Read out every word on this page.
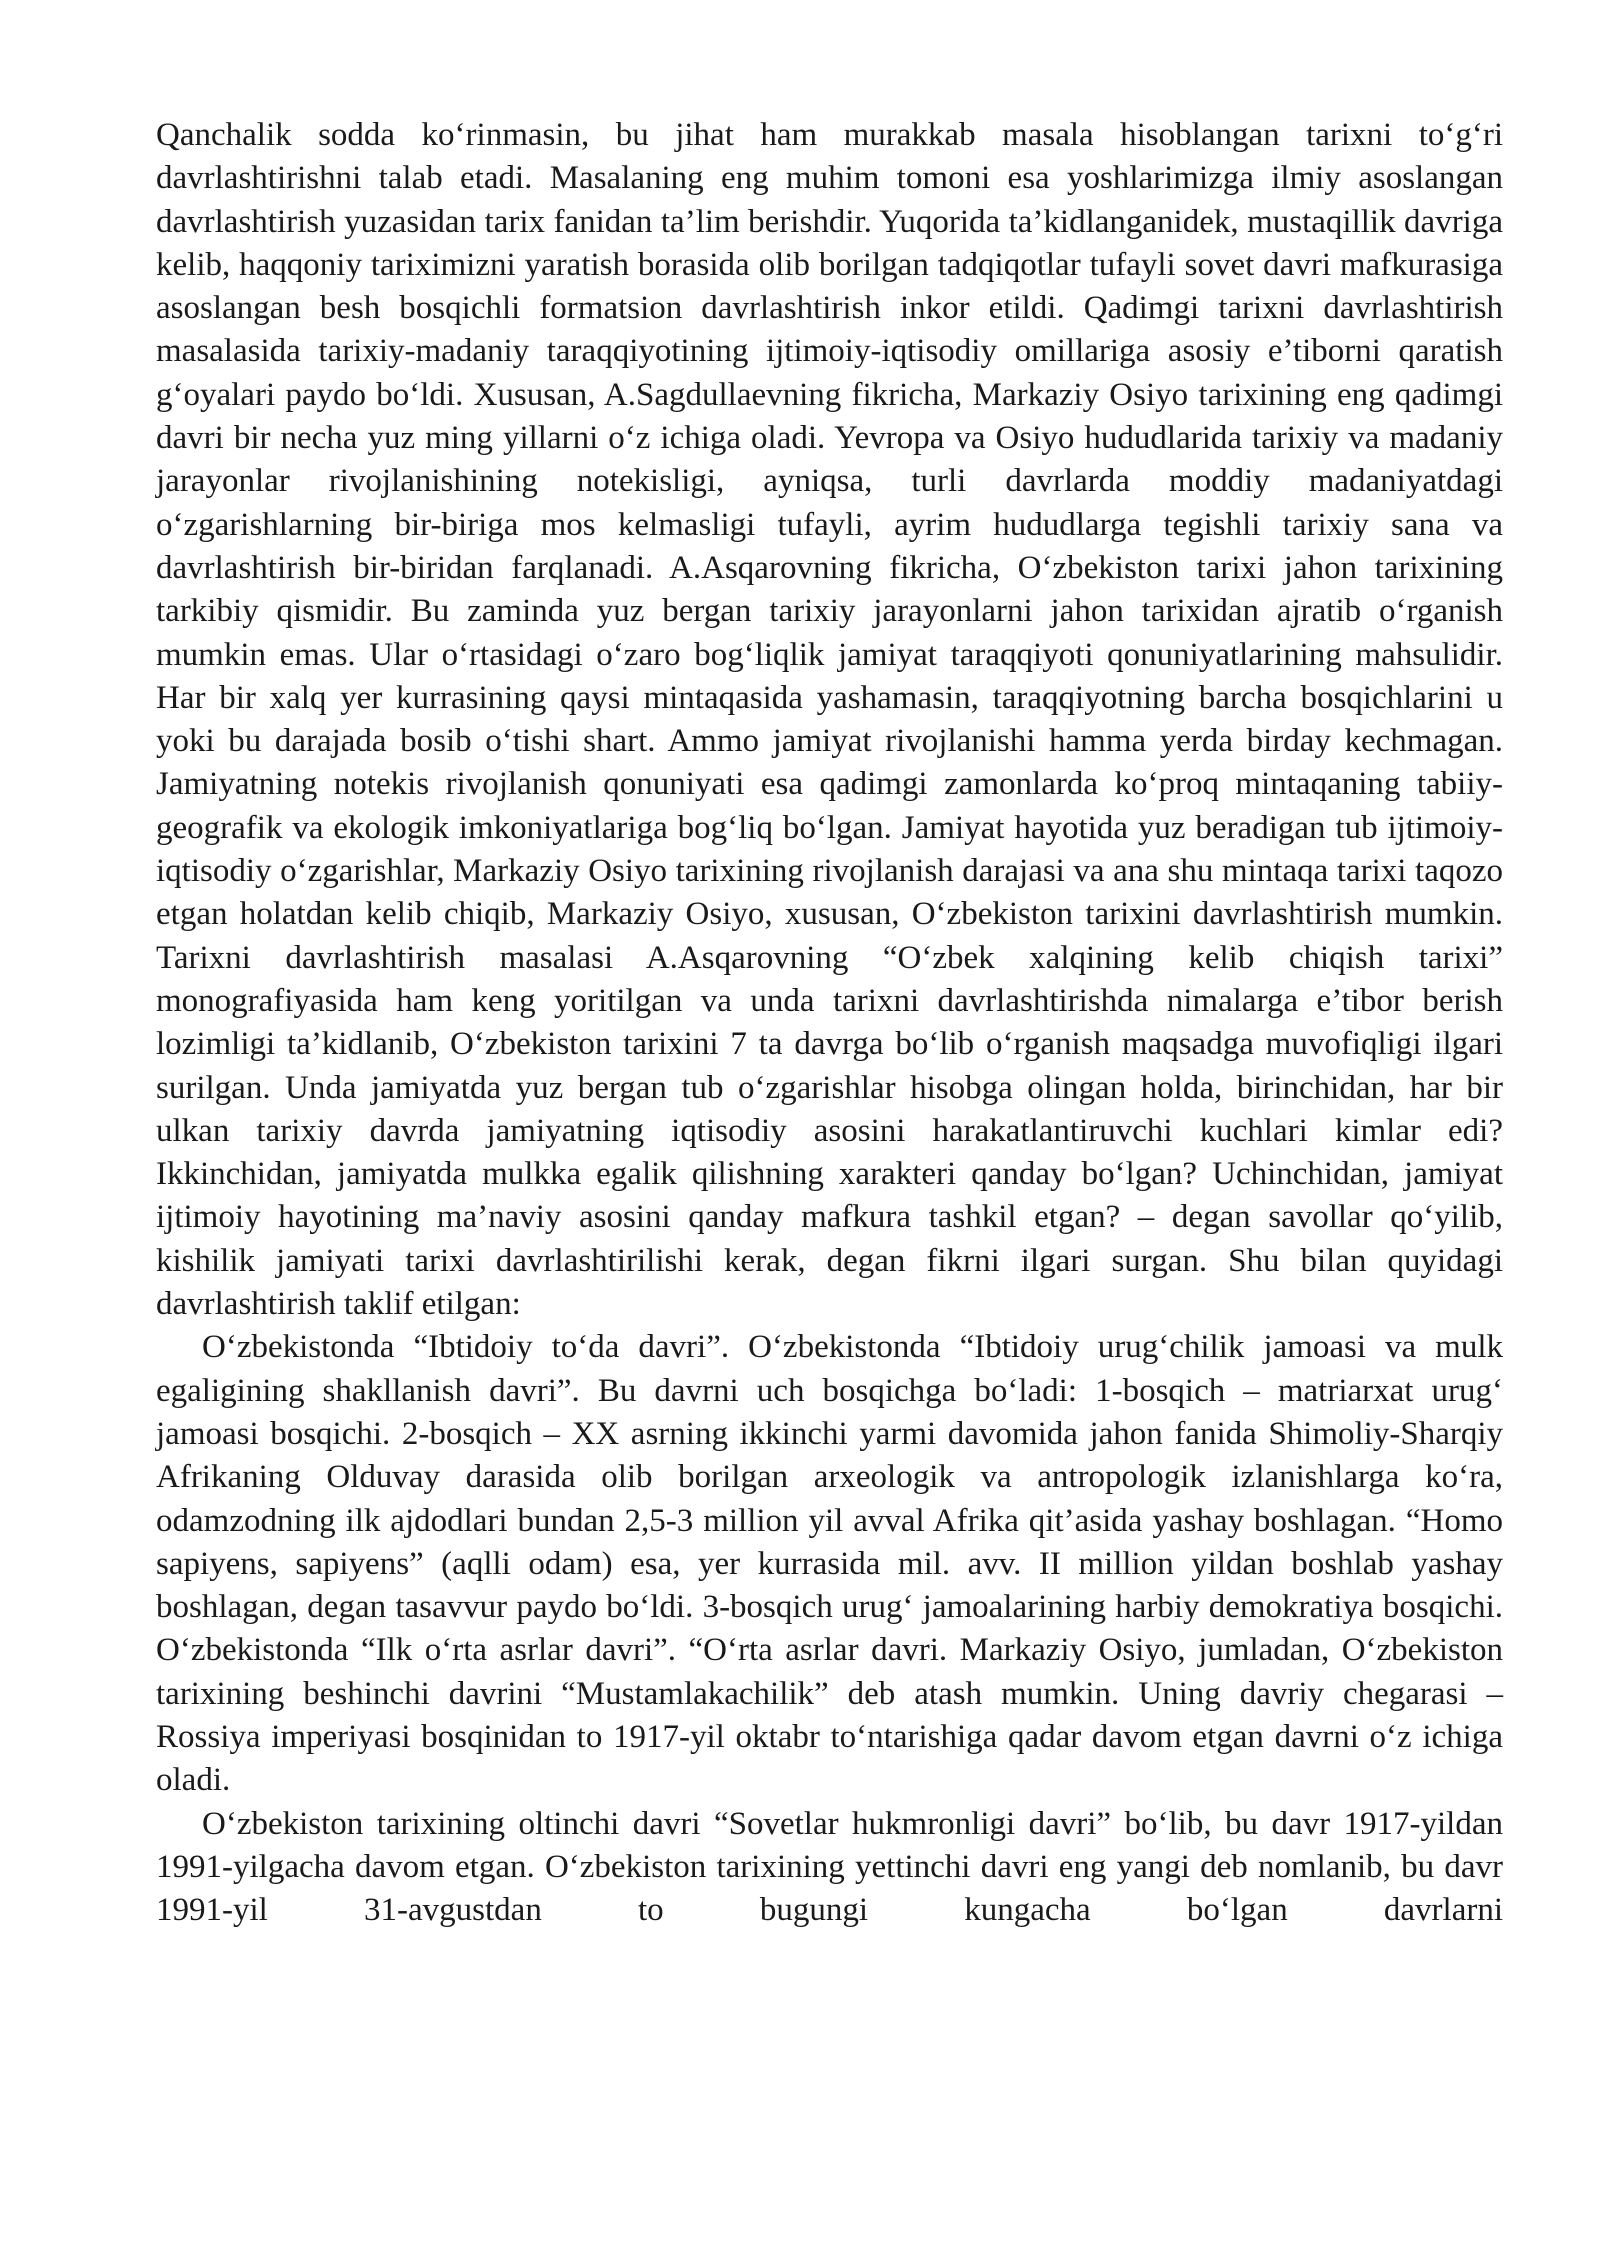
Qanchalik sodda ko‘rinmasin, bu jihat ham murakkab masala hisoblangan tarixni to‘g‘ri davrlashtirishni talab etadi. Masalaning eng muhim tomoni esa yoshlarimizga ilmiy asoslangan davrlashtirish yuzasidan tarix fanidan ta’lim berishdir. Yuqorida ta’kidlanganidek, mustaqillik davriga kelib, haqqoniy tariximizni yaratish borasida olib borilgan tadqiqotlar tufayli sovet davri mafkurasiga asoslangan besh bosqichli formatsion davrlashtirish inkor etildi. Qadimgi tarixni davrlashtirish masalasida tarixiy-madaniy taraqqiyotining ijtimoiy-iqtisodiy omillariga asosiy e’tiborni qaratish g‘oyalari paydo bo‘ldi. Xususan, A.Sagdullaevning fikricha, Markaziy Osiyo tarixining eng qadimgi davri bir necha yuz ming yillarni o‘z ichiga oladi. Yevropa va Osiyo hududlarida tarixiy va madaniy jarayonlar rivojlanishining notekisligi, ayniqsa, turli davrlarda moddiy madaniyatdagi o‘zgarishlarning bir-biriga mos kelmasligi tufayli, ayrim hududlarga tegishli tarixiy sana va davrlashtirish bir-biridan farqlanadi. A.Asqarovning fikricha, O‘zbekiston tarixi jahon tarixining tarkibiy qismidir. Bu zaminda yuz bergan tarixiy jarayonlarni jahon tarixidan ajratib o‘rganish mumkin emas. Ular o‘rtasidagi o‘zaro bog‘liqlik jamiyat taraqqiyoti qonuniyatlarining mahsulidir. Har bir xalq yer kurrasining qaysi mintaqasida yashamasin, taraqqiyotning barcha bosqichlarini u yoki bu darajada bosib o‘tishi shart. Ammo jamiyat rivojlanishi hamma yerda birday kechmagan. Jamiyatning notekis rivojlanish qonuniyati esa qadimgi zamonlarda ko‘proq mintaqaning tabiiy-geografik va ekologik imkoniyatlariga bog‘liq bo‘lgan. Jamiyat hayotida yuz beradigan tub ijtimoiy-iqtisodiy o‘zgarishlar, Markaziy Osiyo tarixining rivojlanish darajasi va ana shu mintaqa tarixi taqozo etgan holatdan kelib chiqib, Markaziy Osiyo, xususan, O‘zbekiston tarixini davrlashtirish mumkin. Tarixni davrlashtirish masalasi A.Asqarovning “O‘zbek xalqining kelib chiqish tarixi” monografiyasida ham keng yoritilgan va unda tarixni davrlashtirishda nimalarga e’tibor berish lozimligi ta’kidlanib, O‘zbekiston tarixini 7 ta davrga bo‘lib o‘rganish maqsadga muvofiqligi ilgari surilgan. Unda jamiyatda yuz bergan tub o‘zgarishlar hisobga olingan holda, birinchidan, har bir ulkan tarixiy davrda jamiyatning iqtisodiy asosini harakatlantiruvchi kuchlari kimlar edi? Ikkinchidan, jamiyatda mulkka egalik qilishning xarakteri qanday bo‘lgan? Uchinchidan, jamiyat ijtimoiy hayotining ma’naviy asosini qanday mafkura tashkil etgan? – degan savollar qo‘yilib, kishilik jamiyati tarixi davrlashtirilishi kerak, degan fikrni ilgari surgan. Shu bilan quyidagi davrlashtirish taklif etilgan:

O‘zbekistonda “Ibtidoiy to‘da davri”. O‘zbekistonda “Ibtidoiy urug‘chilik jamoasi va mulk egaligining shakllanish davri”. Bu davrni uch bosqichga bo‘ladi: 1-bosqich – matriarxat urug‘ jamoasi bosqichi. 2-bosqich – XX asrning ikkinchi yarmi davomida jahon fanida Shimoliy-Sharqiy Afrikaning Olduvay darasida olib borilgan arxeologik va antropologik izlanishlarga ko‘ra, odamzodning ilk ajdodlari bundan 2,5-3 million yil avval Afrika qit’asida yashay boshlagan. “Homo sapiyens, sapiyens” (aqlli odam) esa, yer kurrasida mil. avv. II million yildan boshlab yashay boshlagan, degan tasavvur paydo bo‘ldi. 3-bosqich urug‘ jamoalarining harbiy demokratiya bosqichi. O‘zbekistonda “Ilk o‘rta asrlar davri”. “O‘rta asrlar davri. Markaziy Osiyo, jumladan, O‘zbekiston tarixining beshinchi davrini “Mustamlakachilik” deb atash mumkin. Uning davriy chegarasi – Rossiya imperiyasi bosqinidan to 1917-yil oktabr to‘ntarishiga qadar davom etgan davrni o‘z ichiga oladi.

O‘zbekiston tarixining oltinchi davri “Sovetlar hukmronligi davri” bo‘lib, bu davr 1917-yildan 1991-yilgacha davom etgan. O‘zbekiston tarixining yettinchi davri eng yangi deb nomlanib, bu davr 1991-yil 31-avgustdan to bugungi kungacha bo‘lgan davrlarni
